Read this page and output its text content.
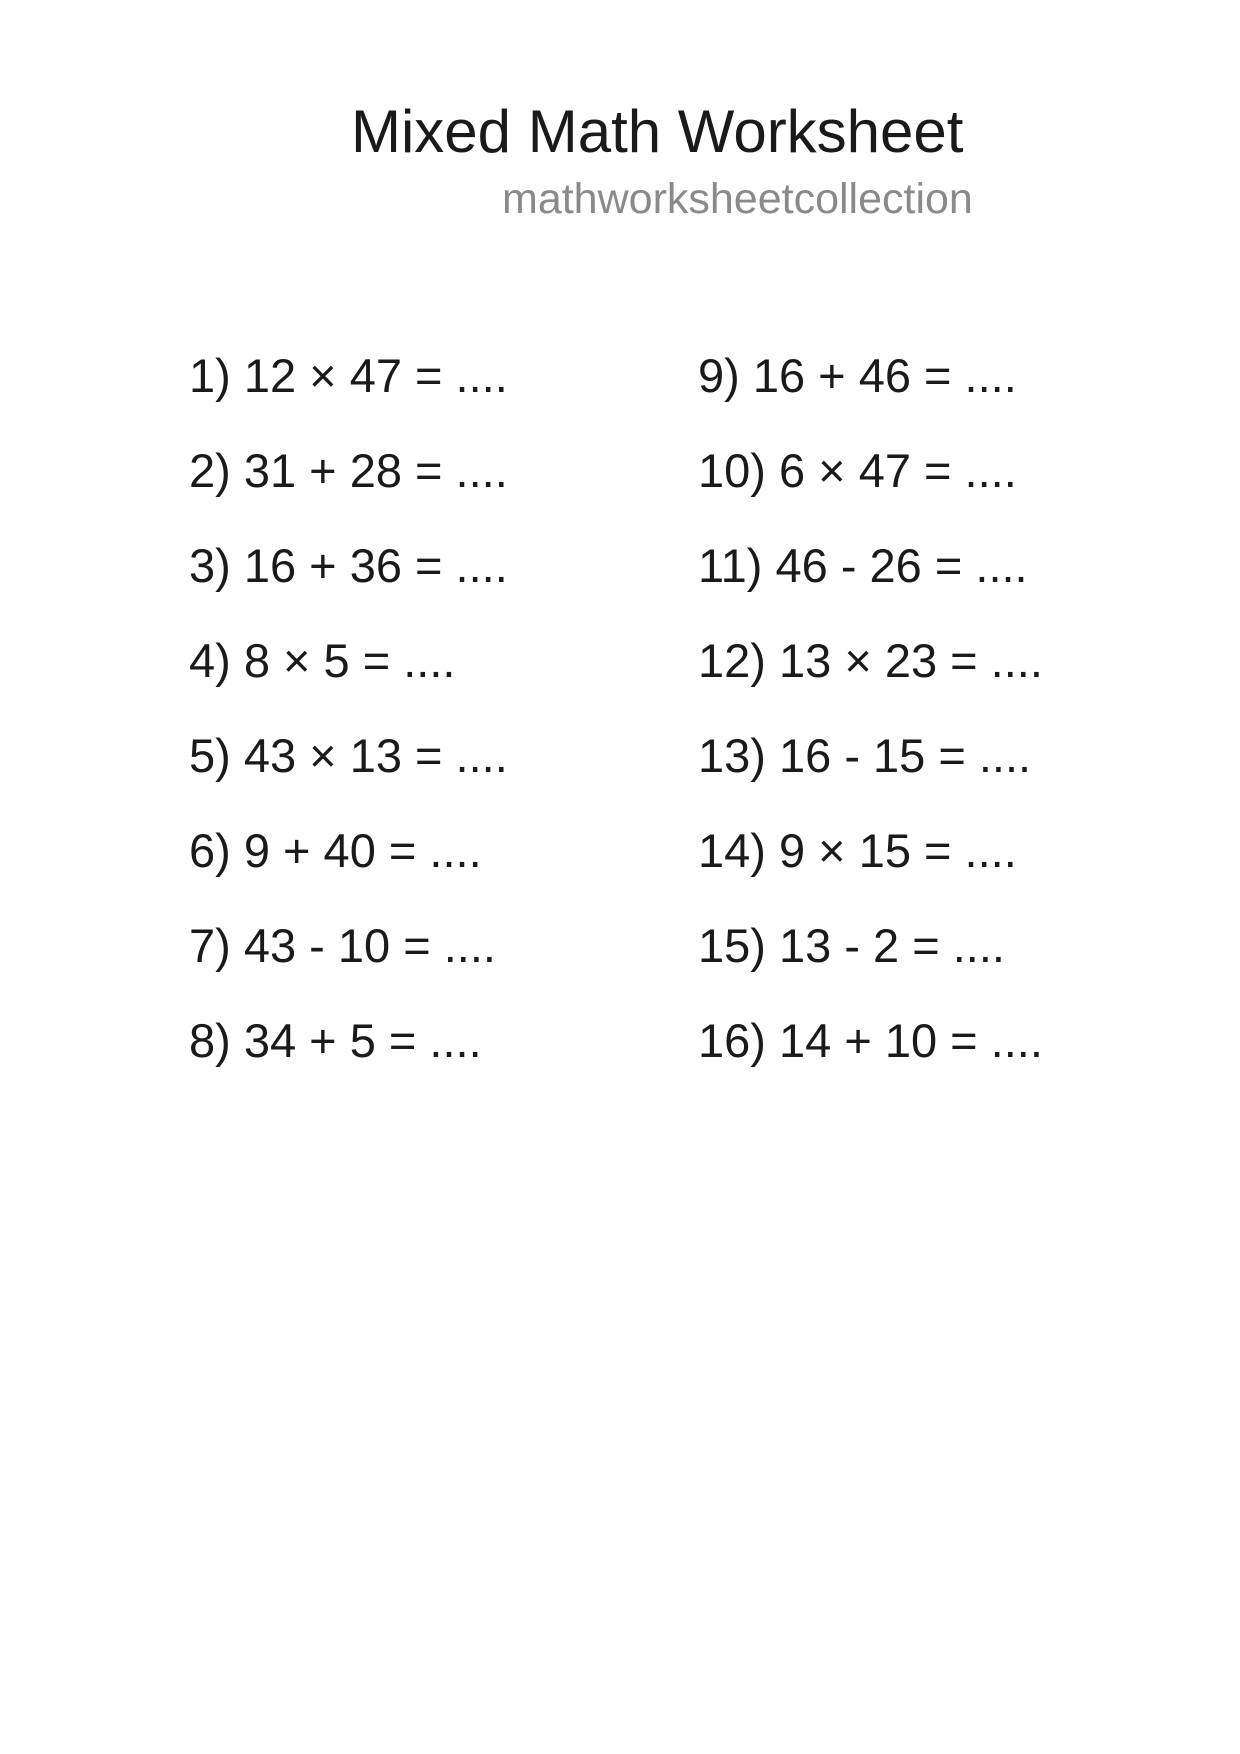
Mixed Math Worksheet
mathworksheetcollection
1) 12 × 47 = ....
2) 31 + 28 = ....
3) 16 + 36 = ....
4) 8 × 5 = ....
5) 43 × 13 = ....
6) 9 + 40 = ....
7) 43 - 10 = ....
8) 34 + 5 = ....
9) 16 + 46 = ....
10) 6 × 47 = ....
11) 46 - 26 = ....
12) 13 × 23 = ....
13) 16 - 15 = ....
14) 9 × 15 = ....
15) 13 - 2 = ....
16) 14 + 10 = ....
